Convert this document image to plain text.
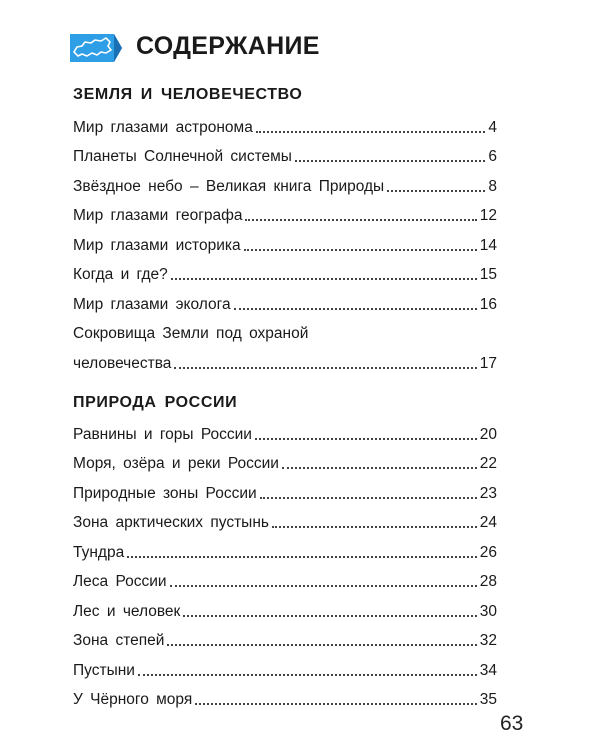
СОДЕРЖАНИЕ
ЗЕМЛЯ И ЧЕЛОВЕЧЕСТВО
Мир глазами астронома	4
Планеты Солнечной системы	6
Звёздное небо – Великая книга Природы	8
Мир глазами географа	12
Мир глазами историка	14
Когда и где?	15
Мир глазами эколога	16
Сокровища Земли под охраной
человечества	17
ПРИРОДА РОССИИ
Равнины и горы России	20
Моря, озёра и реки России	22
Природные зоны России	23
Зона арктических пустынь	24
Тундра	26
Леса России	28
Лес и человек	30
Зона степей	32
Пустыни	34
У Чёрного моря	35
63
